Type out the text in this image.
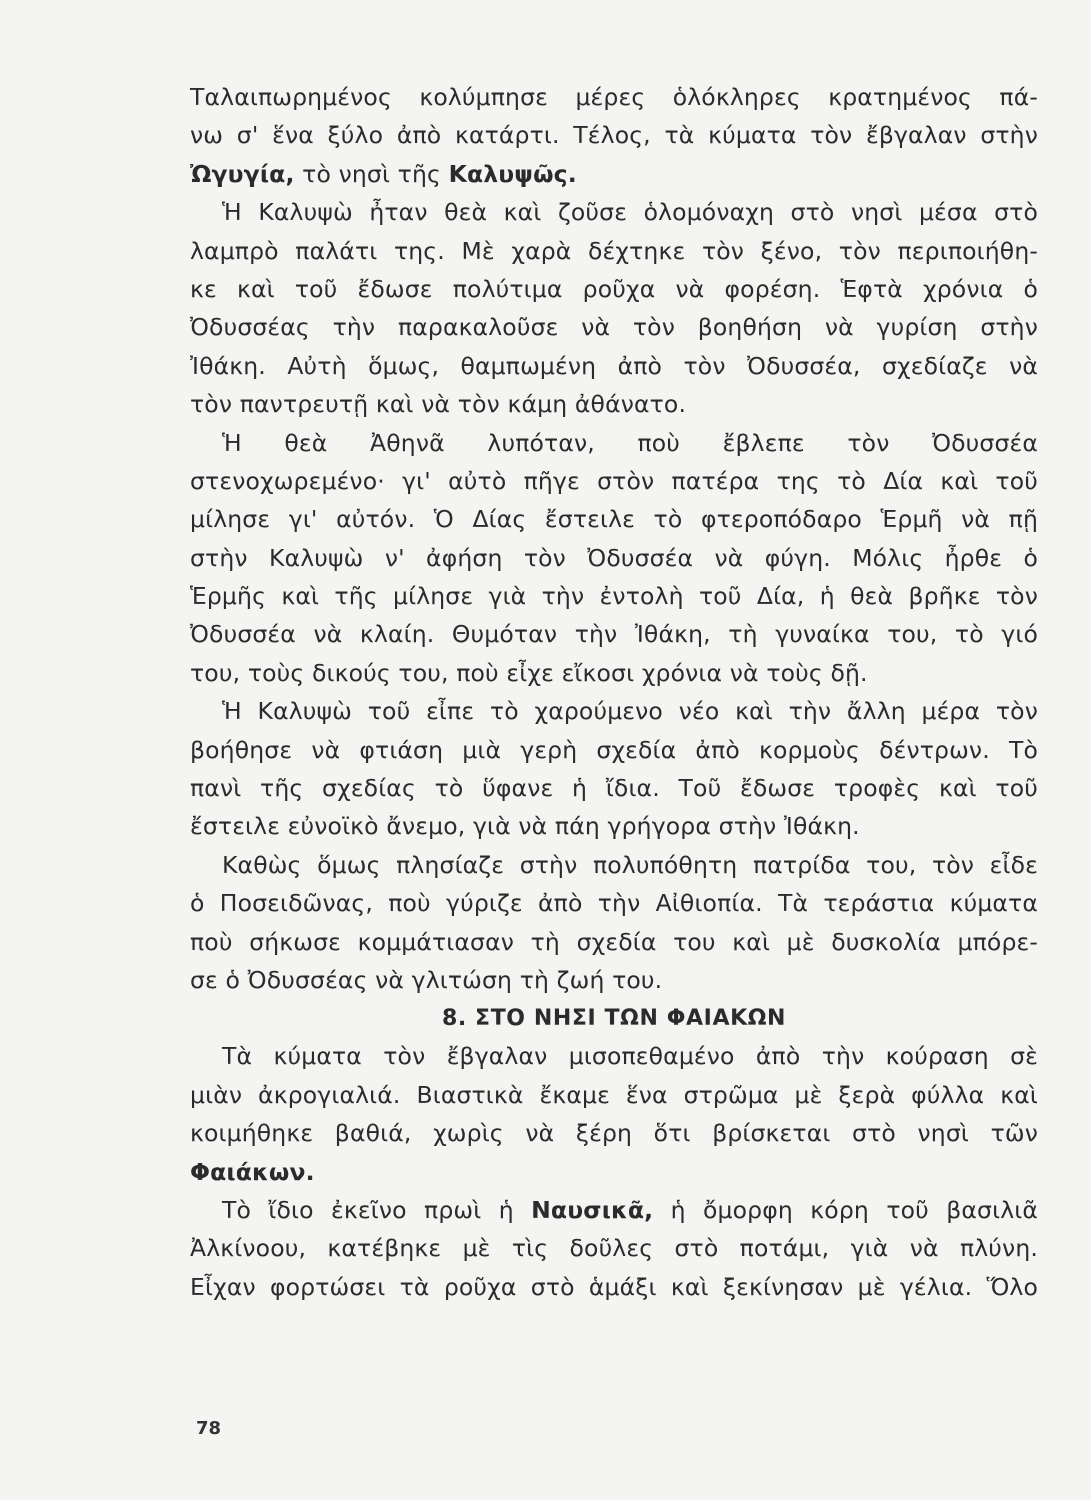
Ταλαιπωρημένος κολύμπησε μέρες ὁλόκληρες κρατημένος πά-
νω σ' ἕνα ξύλο ἀπὸ κατάρτι. Τέλος, τὰ κύματα τὸν ἔβγαλαν στὴν
Ὠγυγία, τὸ νησὶ τῆς Καλυψῶς.
Ἡ Καλυψὼ ἦταν θεὰ καὶ ζοῦσε ὁλομόναχη στὸ νησὶ μέσα στὸ
λαμπρὸ παλάτι της. Μὲ χαρὰ δέχτηκε τὸν ξένο, τὸν περιποιήθη-
κε καὶ τοῦ ἔδωσε πολύτιμα ροῦχα νὰ φορέση. Ἑφτὰ χρόνια ὁ
Ὀδυσσέας τὴν παρακαλοῦσε νὰ τὸν βοηθήση νὰ γυρίση στὴν
Ἰθάκη. Αὐτὴ ὅμως, θαμπωμένη ἀπὸ τὸν Ὀδυσσέα, σχεδίαζε νὰ
τὸν παντρευτῇ καὶ νὰ τὸν κάμη ἀθάνατο.
Ἡ θεὰ Ἀθηνᾶ λυπόταν, ποὺ ἔβλεπε τὸν Ὀδυσσέα
στενοχωρεμένο· γι' αὐτὸ πῆγε στὸν πατέρα της τὸ Δία καὶ τοῦ
μίλησε γι' αὐτόν. Ὁ Δίας ἔστειλε τὸ φτεροπόδαρο Ἑρμῆ νὰ πῇ
στὴν Καλυψὼ ν' ἀφήση τὸν Ὀδυσσέα νὰ φύγη. Μόλις ἦρθε ὁ
Ἑρμῆς καὶ τῆς μίλησε γιὰ τὴν ἐντολὴ τοῦ Δία, ἡ θεὰ βρῆκε τὸν
Ὀδυσσέα νὰ κλαίη. Θυμόταν τὴν Ἰθάκη, τὴ γυναίκα του, τὸ γιό
του, τοὺς δικούς του, ποὺ εἶχε εἴκοσι χρόνια νὰ τοὺς δῇ.
Ἡ Καλυψὼ τοῦ εἶπε τὸ χαρούμενο νέο καὶ τὴν ἄλλη μέρα τὸν
βοήθησε νὰ φτιάση μιὰ γερὴ σχεδία ἀπὸ κορμοὺς δέντρων. Τὸ
πανὶ τῆς σχεδίας τὸ ὕφανε ἡ ἴδια. Τοῦ ἔδωσε τροφὲς καὶ τοῦ
ἔστειλε εὐνοϊκὸ ἄνεμο, γιὰ νὰ πάη γρήγορα στὴν Ἰθάκη.
Καθὼς ὅμως πλησίαζε στὴν πολυπόθητη πατρίδα του, τὸν εἶδε
ὁ Ποσειδῶνας, ποὺ γύριζε ἀπὸ τὴν Αἰθιοπία. Τὰ τεράστια κύματα
ποὺ σήκωσε κομμάτιασαν τὴ σχεδία του καὶ μὲ δυσκολία μπόρε-
σε ὁ Ὀδυσσέας νὰ γλιτώση τὴ ζωή του.
8. ΣΤΟ ΝΗΣΙ ΤΩΝ ΦΑΙΑΚΩΝ
Τὰ κύματα τὸν ἔβγαλαν μισοπεθαμένο ἀπὸ τὴν κούραση σὲ
μιὰν ἀκρογιαλιά. Βιαστικὰ ἔκαμε ἕνα στρῶμα μὲ ξερὰ φύλλα καὶ
κοιμήθηκε βαθιά, χωρὶς νὰ ξέρη ὅτι βρίσκεται στὸ νησὶ τῶν
Φαιάκων.
Τὸ ἴδιο ἐκεῖνο πρωὶ ἡ Ναυσικᾶ, ἡ ὄμορφη κόρη τοῦ βασιλιᾶ
Ἀλκίνοου, κατέβηκε μὲ τὶς δοῦλες στὸ ποτάμι, γιὰ νὰ πλύνη.
Εἶχαν φορτώσει τὰ ροῦχα στὸ ἁμάξι καὶ ξεκίνησαν μὲ γέλια. Ὅλο
78
